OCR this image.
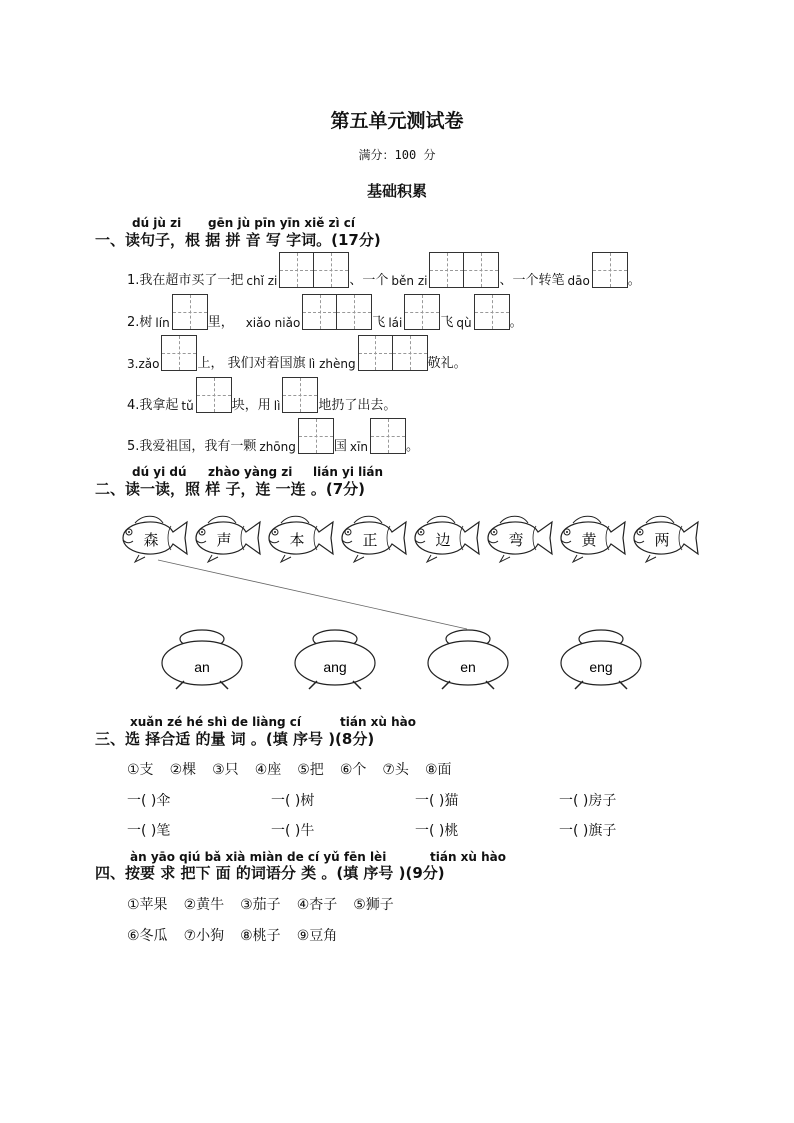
第五单元测试卷
满分：100 分
基础积累
dú jù zi gēn jù pīn yīn xiě zì cí
一、读句子，根 据 拼 音 写 字词。(17分)
1.我在超市买了一把 chǐ zi	、一个 běn zi	、一个转笔 dāo	。
2.树 lín	里， xiǎo niǎo	飞 lái	飞 qù	。
3.zǎo	上， 我们对着国旗 lì zhèng	敬礼。
4.我拿起 tǔ	块，用 lì	地扔了出去。
5.我爱祖国，我有一颗 zhōng	国 xīn	。
dú yi dú zhào yàng zi lián yi lián
二、读一读，照 样 子，连 一连 。(7分)
森	声	本	正	边	弯	黄	两
an	ang	en	eng
xuǎn zé hé shì de liàng cí	tián xù hào
三、选 择合适 的量 词 。(填 序号 )(8分)
①支 ②棵 ③只 ④座 ⑤把 ⑥个 ⑦头 ⑧面
一( )伞	一( )树	一( )猫	一( )房子
一( )笔	一( )牛	一( )桃	一( )旗子
àn yāo qiú bǎ xià miàn de cí yǔ fēn lèi	tián xù hào
四、按要 求 把下 面 的词语分 类 。(填 序号 )(9分)
①苹果 ②黄牛 ③茄子 ④杏子 ⑤狮子
⑥冬瓜 ⑦小狗 ⑧桃子 ⑨豆角
